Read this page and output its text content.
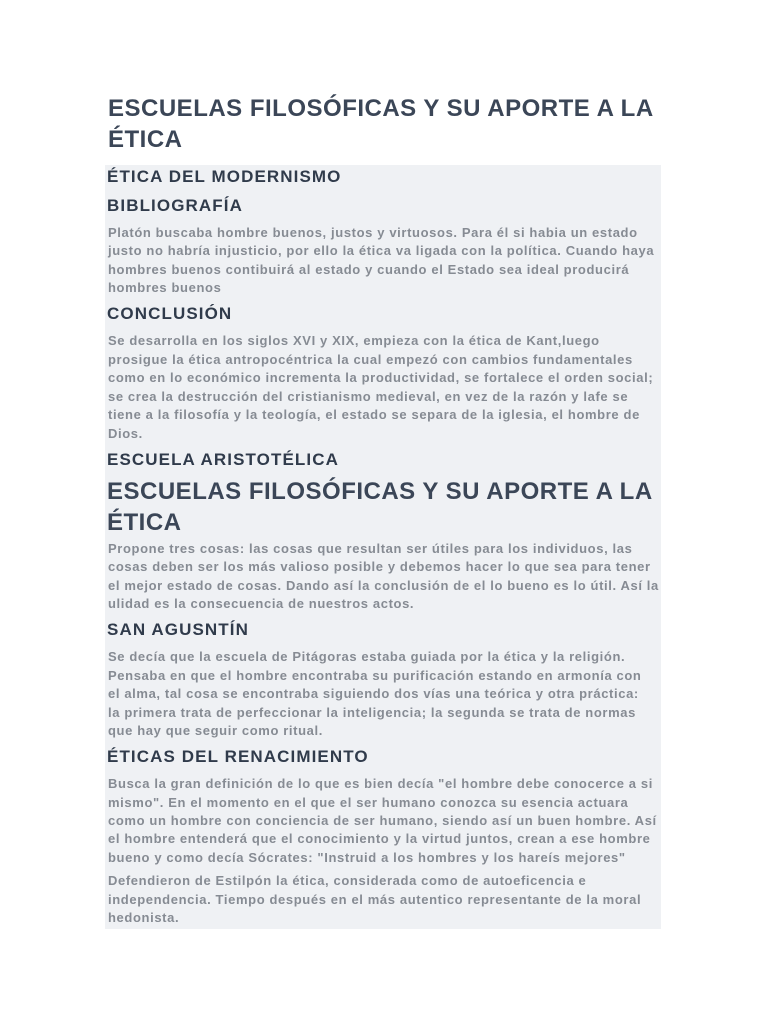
ESCUELAS FILOSÓFICAS Y SU APORTE A LA ÉTICA
ÉTICA DEL MODERNISMO
BIBLIOGRAFÍA
Platón buscaba hombre buenos, justos y virtuosos. Para él si habia un estado
justo no habría injusticio, por ello la ética va ligada con la política. Cuando haya
hombres buenos contibuirá al estado y cuando el Estado sea ideal producirá
hombres buenos
CONCLUSIÓN
Se desarrolla en los siglos XVI y XIX, empieza con la ética de Kant,luego
prosigue la ética antropocéntrica la cual empezó con cambios fundamentales
como en lo económico incrementa la productividad, se fortalece el orden social;
se crea la destrucción del cristianismo medieval, en vez de la razón y lafe se
tiene a la filosofía y la teología, el estado se separa de la iglesia, el hombre de
Dios.
ESCUELA ARISTOTÉLICA
ESCUELAS FILOSÓFICAS Y SU APORTE A LA ÉTICA
Propone tres cosas: las cosas que resultan ser útiles para los individuos, las
cosas deben ser los más valioso posible y debemos hacer lo que sea para tener
el mejor estado de cosas. Dando así la conclusión de el lo bueno es lo útil. Así la
ulidad es la consecuencia de nuestros actos.
SAN AGUSNTÍN
Se decía que la escuela de Pitágoras estaba guiada por la ética y la religión.
Pensaba en que el hombre encontraba su purificación estando en armonía con
el alma, tal cosa se encontraba siguiendo dos vías una teórica y otra práctica:
la primera trata de perfeccionar la inteligencia; la segunda se trata de normas
que hay que seguir como ritual.
ÉTICAS DEL RENACIMIENTO
Busca la gran definición de lo que es bien decía "el hombre debe conocerce a si
mismo". En el momento en el que el ser humano conozca su esencia actuara
como un hombre con conciencia de ser humano, siendo así un buen hombre. Así
el hombre entenderá que el conocimiento y la virtud juntos, crean a ese hombre
bueno y como decía Sócrates: "Instruid a los hombres y los hareís mejores"
Defendieron de Estilpón la ética, considerada como de autoeficencia e
independencia. Tiempo después en el más autentico representante de la moral
hedonista.
